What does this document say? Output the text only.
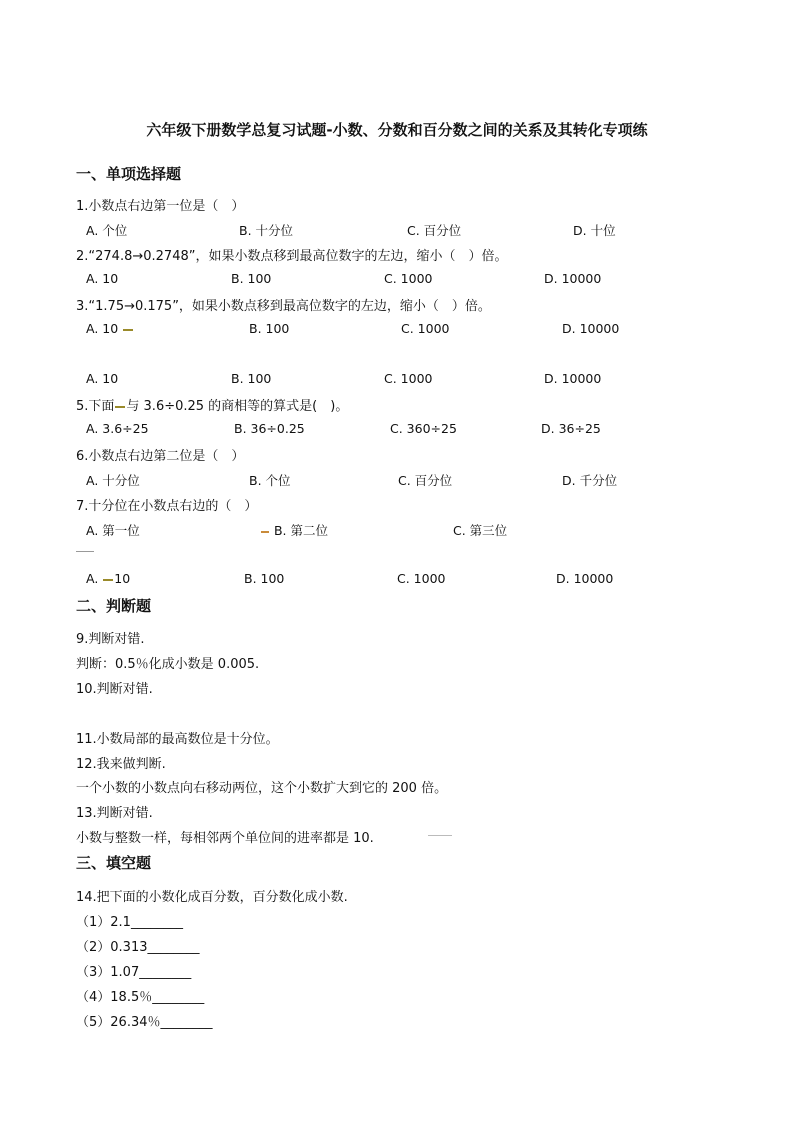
六年级下册数学总复习试题-小数、分数和百分数之间的关系及其转化专项练
一、单项选择题
1.小数点右边第一位是（　）
A. 个位	B. 十分位	C. 百分位	D. 十位
2.“274.8→0.2748”，如果小数点移到最高位数字的左边，缩小（　）倍。
A. 10	B. 100	C. 1000	D. 10000
3.“1.75→0.175”，如果小数点移到最高位数字的左边，缩小（　）倍。
A. 10	B. 100	C. 1000	D. 10000
A. 10	B. 100	C. 1000	D. 10000
5.下面 与 3.6÷0.25 的商相等的算式是(　)。
A. 3.6÷25	B. 36÷0.25	C. 360÷25	D. 36÷25
6.小数点右边第二位是（　）
A. 十分位	B. 个位	C. 百分位	D. 千分位
7.十分位在小数点右边的（　）
A. 第一位	B. 第二位	C. 第三位
A. 10	B. 100	C. 1000	D. 10000
二、判断题
9.判断对错.
判断：0.5％化成小数是 0.005.
10.判断对错.
11.小数局部的最高数位是十分位。
12.我来做判断.
一个小数的小数点向右移动两位，这个小数扩大到它的 200 倍。
13.判断对错.
小数与整数一样，每相邻两个单位间的进率都是 10.
三、填空题
14.把下面的小数化成百分数，百分数化成小数.
（1）2.1________
（2）0.313________
（3）1.07________
（4）18.5％________
（5）26.34％________
